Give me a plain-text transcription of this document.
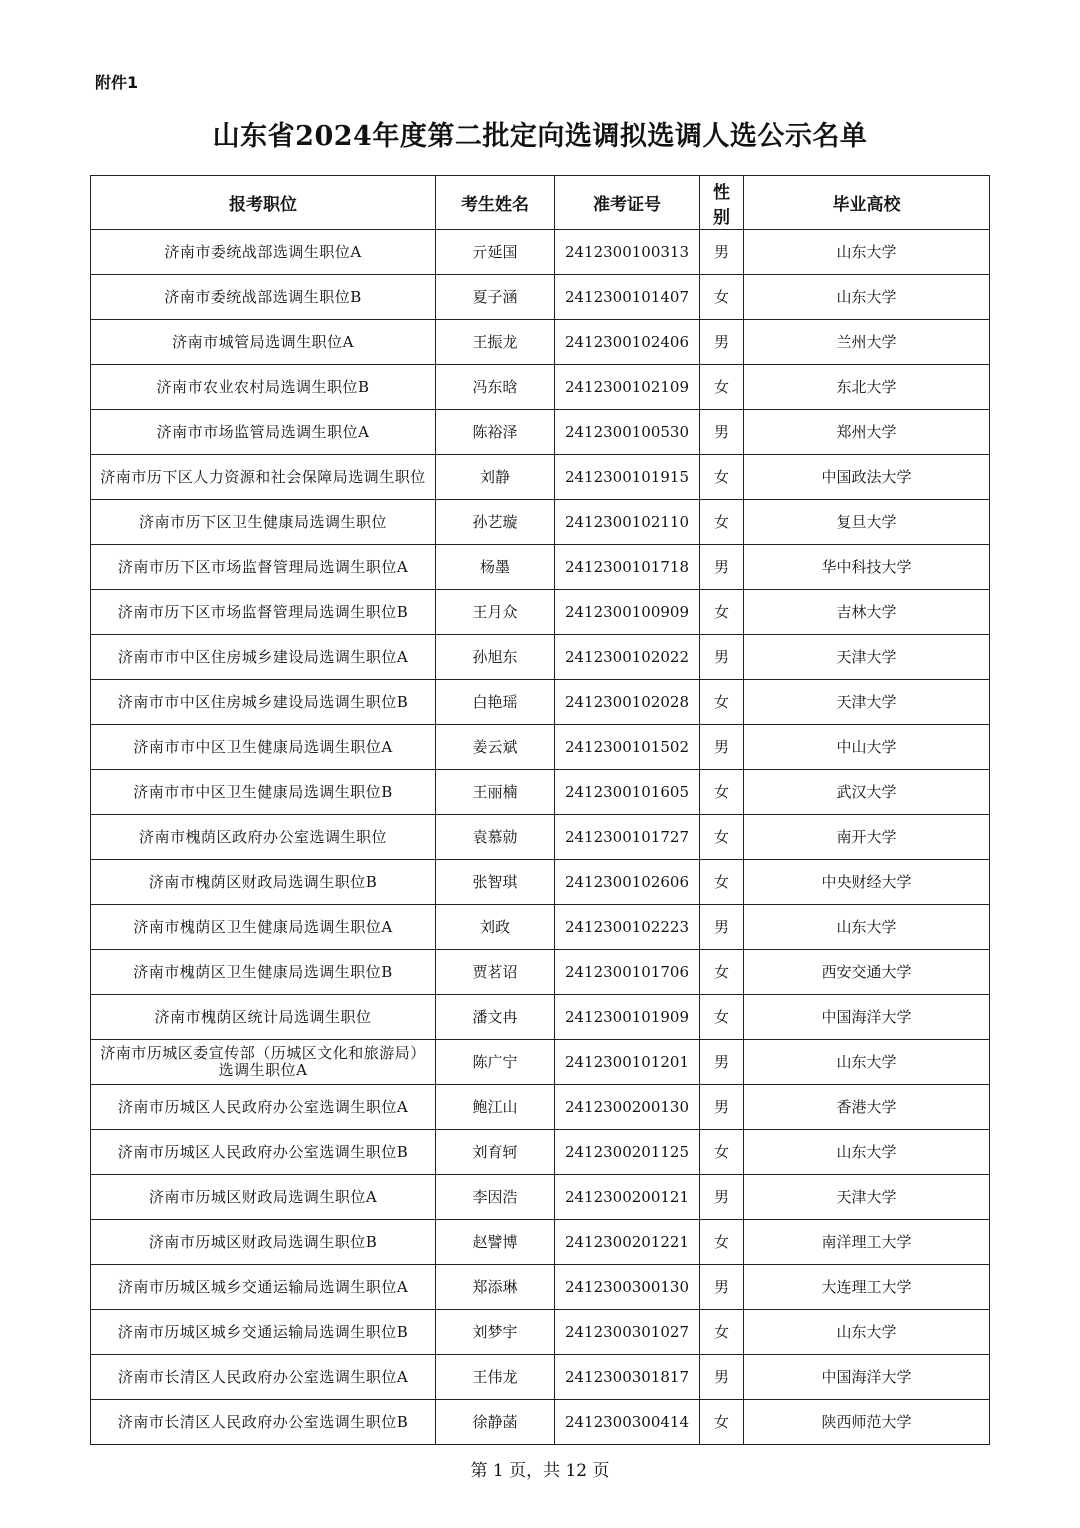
附件1
山东省2024年度第二批定向选调拟选调人选公示名单
报考职位	考生姓名	准考证号	性别	毕业高校
济南市委统战部选调生职位A	亓延国	2412300100313	男	山东大学
济南市委统战部选调生职位B	夏子涵	2412300101407	女	山东大学
济南市城管局选调生职位A	王振龙	2412300102406	男	兰州大学
济南市农业农村局选调生职位B	冯东晗	2412300102109	女	东北大学
济南市市场监管局选调生职位A	陈裕泽	2412300100530	男	郑州大学
济南市历下区人力资源和社会保障局选调生职位	刘静	2412300101915	女	中国政法大学
济南市历下区卫生健康局选调生职位	孙艺璇	2412300102110	女	复旦大学
济南市历下区市场监督管理局选调生职位A	杨墨	2412300101718	男	华中科技大学
济南市历下区市场监督管理局选调生职位B	王月众	2412300100909	女	吉林大学
济南市市中区住房城乡建设局选调生职位A	孙旭东	2412300102022	男	天津大学
济南市市中区住房城乡建设局选调生职位B	白艳瑶	2412300102028	女	天津大学
济南市市中区卫生健康局选调生职位A	姜云斌	2412300101502	男	中山大学
济南市市中区卫生健康局选调生职位B	王丽楠	2412300101605	女	武汉大学
济南市槐荫区政府办公室选调生职位	袁慕勍	2412300101727	女	南开大学
济南市槐荫区财政局选调生职位B	张智琪	2412300102606	女	中央财经大学
济南市槐荫区卫生健康局选调生职位A	刘政	2412300102223	男	山东大学
济南市槐荫区卫生健康局选调生职位B	贾茗诏	2412300101706	女	西安交通大学
济南市槐荫区统计局选调生职位	潘文冉	2412300101909	女	中国海洋大学
济南市历城区委宣传部（历城区文化和旅游局）选调生职位A	陈广宁	2412300101201	男	山东大学
济南市历城区人民政府办公室选调生职位A	鲍江山	2412300200130	男	香港大学
济南市历城区人民政府办公室选调生职位B	刘育轲	2412300201125	女	山东大学
济南市历城区财政局选调生职位A	李因浩	2412300200121	男	天津大学
济南市历城区财政局选调生职位B	赵譬博	2412300201221	女	南洋理工大学
济南市历城区城乡交通运输局选调生职位A	郑添琳	2412300300130	男	大连理工大学
济南市历城区城乡交通运输局选调生职位B	刘梦宇	2412300301027	女	山东大学
济南市长清区人民政府办公室选调生职位A	王伟龙	2412300301817	男	中国海洋大学
济南市长清区人民政府办公室选调生职位B	徐静菡	2412300300414	女	陕西师范大学
第 1 页，共 12 页
